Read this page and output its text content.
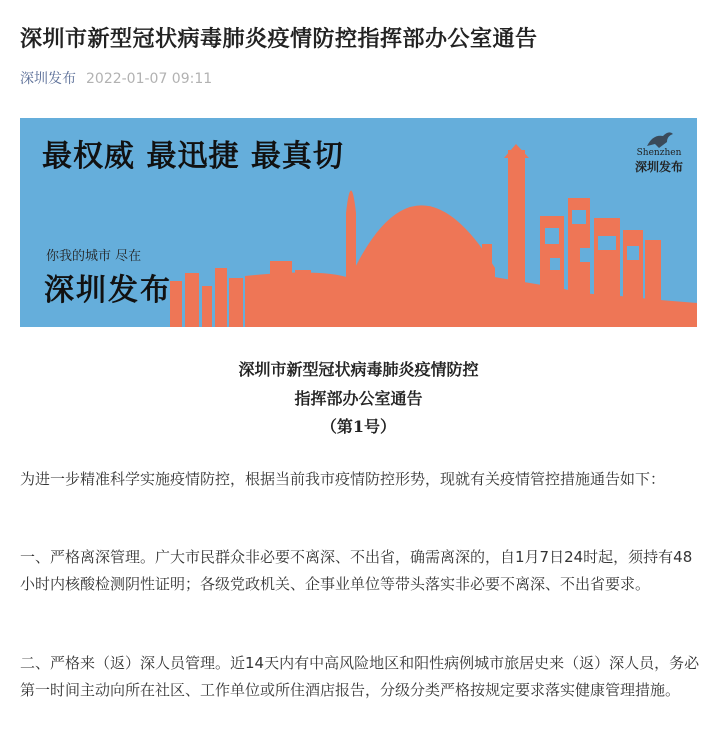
深圳市新型冠状病毒肺炎疫情防控指挥部办公室通告
深圳发布 2022-01-07 09:11
最权威 最迅捷 最真切
你我的城市 尽在
深圳发布
Shenzhen
深圳发布
深圳市新型冠状病毒肺炎疫情防控
指挥部办公室通告
（第1号）

为进一步精准科学实施疫情防控，根据当前我市疫情防控形势，现就有关疫情管控措施通告如下：

一、严格离深管理。广大市民群众非必要不离深、不出省，确需离深的，自1月7日24时起，须持有48小时内核酸检测阴性证明；各级党政机关、企事业单位等带头落实非必要不离深、不出省要求。

二、严格来（返）深人员管理。近14天内有中高风险地区和阳性病例城市旅居史来（返）深人员，务必第一时间主动向所在社区、工作单位或所住酒店报告，分级分类严格按规定要求落实健康管理措施。
